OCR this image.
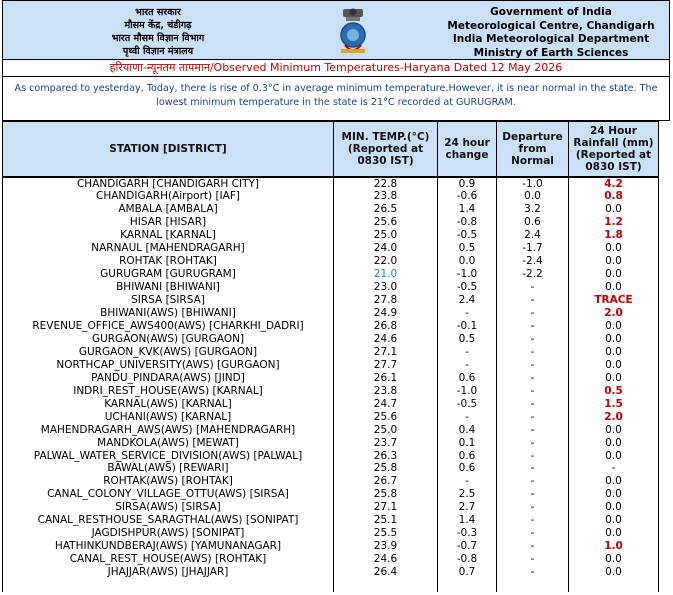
भारत सरकार
मौसम केंद्र, चंडीगढ़
भारत मौसम विज्ञान विभाग
पृथ्वी विज्ञान मंत्रालय
Government of India
Meteorological Centre, Chandigarh
India Meteorological Department
Ministry of Earth Sciences
हरियाणा-न्यूनतम तापमान/Observed Minimum Temperatures-Haryana Dated 12 May 2026
As compared to yesterday, Today, there is rise of 0.3°C in average minimum temperature.However, it is near normal in the state. The lowest minimum temperature in the state is 21°C recorded at GURUGRAM.
STATION [DISTRICT]	MIN. TEMP.(°C) (Reported at 0830 IST)	24 hour change	Departure from Normal	24 Hour Rainfall (mm) (Reported at 0830 IST)
CHANDIGARH [CHANDIGARH CITY]	22.8	0.9	-1.0	4.2
CHANDIGARH(Airport) [IAF]	23.8	-0.6	0.0	0.8
AMBALA [AMBALA]	26.5	1.4	3.2	0.0
HISAR [HISAR]	25.6	-0.8	0.6	1.2
KARNAL [KARNAL]	25.0	-0.5	2.4	1.8
NARNAUL [MAHENDRAGARH]	24.0	0.5	-1.7	0.0
ROHTAK [ROHTAK]	22.0	0.0	-2.4	0.0
GURUGRAM [GURUGRAM]	21.0	-1.0	-2.2	0.0
BHIWANI [BHIWANI]	23.0	-0.5	-	0.0
SIRSA [SIRSA]	27.8	2.4	-	TRACE
BHIWANI(AWS) [BHIWANI]	24.9	-	-	2.0
REVENUE_OFFICE_AWS400(AWS) [CHARKHI_DADRI]	26.8	-0.1	-	0.0
GURGAON(AWS) [GURGAON]	24.6	0.5	-	0.0
GURGAON_KVK(AWS) [GURGAON]	27.1	-	-	0.0
NORTHCAP_UNIVERSITY(AWS) [GURGAON]	27.7	-	-	0.0
PANDU_PINDARA(AWS) [JIND]	26.1	0.6	-	0.0
INDRI_REST_HOUSE(AWS) [KARNAL]	23.8	-1.0	-	0.5
KARNAL(AWS) [KARNAL]	24.7	-0.5	-	1.5
UCHANI(AWS) [KARNAL]	25.6	-	-	2.0
MAHENDRAGARH_AWS(AWS) [MAHENDRAGARH]	25.0	0.4	-	0.0
MANDKOLA(AWS) [MEWAT]	23.7	0.1	-	0.0
PALWAL_WATER_SERVICE_DIVISION(AWS) [PALWAL]	26.3	0.6	-	0.0
BAWAL(AWS) [REWARI]	25.8	0.6	-	-
ROHTAK(AWS) [ROHTAK]	26.7	-	-	0.0
CANAL_COLONY_VILLAGE_OTTU(AWS) [SIRSA]	25.8	2.5	-	0.0
SIRSA(AWS) [SIRSA]	27.1	2.7	-	0.0
CANAL_RESTHOUSE_SARAGTHAL(AWS) [SONIPAT]	25.1	1.4	-	0.0
JAGDISHPUR(AWS) [SONIPAT]	25.5	-0.3	-	0.0
HATHINKUNDBERAJ(AWS) [YAMUNANAGAR]	23.9	-0.7	-	1.0
CANAL_REST_HOUSE(AWS) [ROHTAK]	24.6	-0.8	-	0.0
JHAJJAR(AWS) [JHAJJAR]	26.4	0.7	-	0.0
